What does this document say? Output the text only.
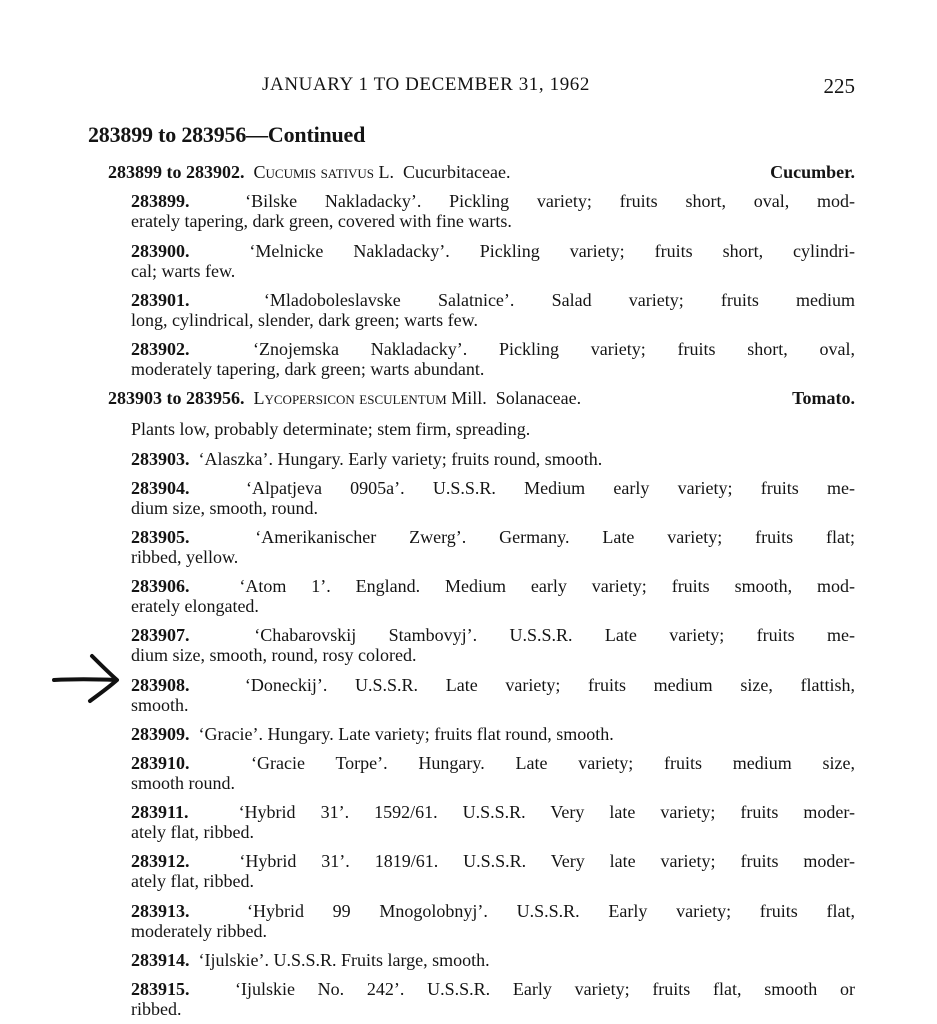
JANUARY 1 TO DECEMBER 31, 1962	225
283899 to 283956—Continued
283899 to 283902. Cucumis sativus L. Cucurbitaceae.	Cucumber.

283899.	‘Bilske Nakladacky’. Pickling variety; fruits short, oval, mod-

erately tapering, dark green, covered with fine warts.

283900.	‘Melnicke Nakladacky’. Pickling variety; fruits short, cylindri-

cal; warts few.

283901.	‘Mladoboleslavske Salatnice’. Salad variety; fruits medium

long, cylindrical, slender, dark green; warts few.

283902.	‘Znojemska Nakladacky’. Pickling variety; fruits short, oval,

moderately tapering, dark green; warts abundant.

283903 to 283956. Lycopersicon esculentum Mill. Solanaceae.	Tomato.
Plants low, probably determinate; stem firm, spreading.

283903. ‘Alaszka’. Hungary. Early variety; fruits round, smooth.

283904.	‘Alpatjeva 0905a’. U.S.S.R. Medium early variety; fruits me-

dium size, smooth, round.

283905.	‘Amerikanischer Zwerg’. Germany. Late variety; fruits flat;

ribbed, yellow.

283906.	‘Atom 1’. England. Medium early variety; fruits smooth, mod-

erately elongated.

283907.	‘Chabarovskij Stambovyj’. U.S.S.R. Late variety; fruits me-

dium size, smooth, round, rosy colored.

283908.	‘Doneckij’. U.S.S.R. Late variety; fruits medium size, flattish,

smooth.

283909. ‘Gracie’. Hungary. Late variety; fruits flat round, smooth.

283910.	‘Gracie Torpe’. Hungary. Late variety; fruits medium size,

smooth round.

283911.	‘Hybrid 31’. 1592/61. U.S.S.R. Very late variety; fruits moder-

ately flat, ribbed.

283912.	‘Hybrid 31’. 1819/61. U.S.S.R. Very late variety; fruits moder-

ately flat, ribbed.

283913.	‘Hybrid 99 Mnogolobnyj’. U.S.S.R. Early variety; fruits flat,

moderately ribbed.

283914. ‘Ijulskie’. U.S.S.R. Fruits large, smooth.

283915.	‘Ijulskie No. 242’. U.S.S.R. Early variety; fruits flat, smooth or

ribbed.
